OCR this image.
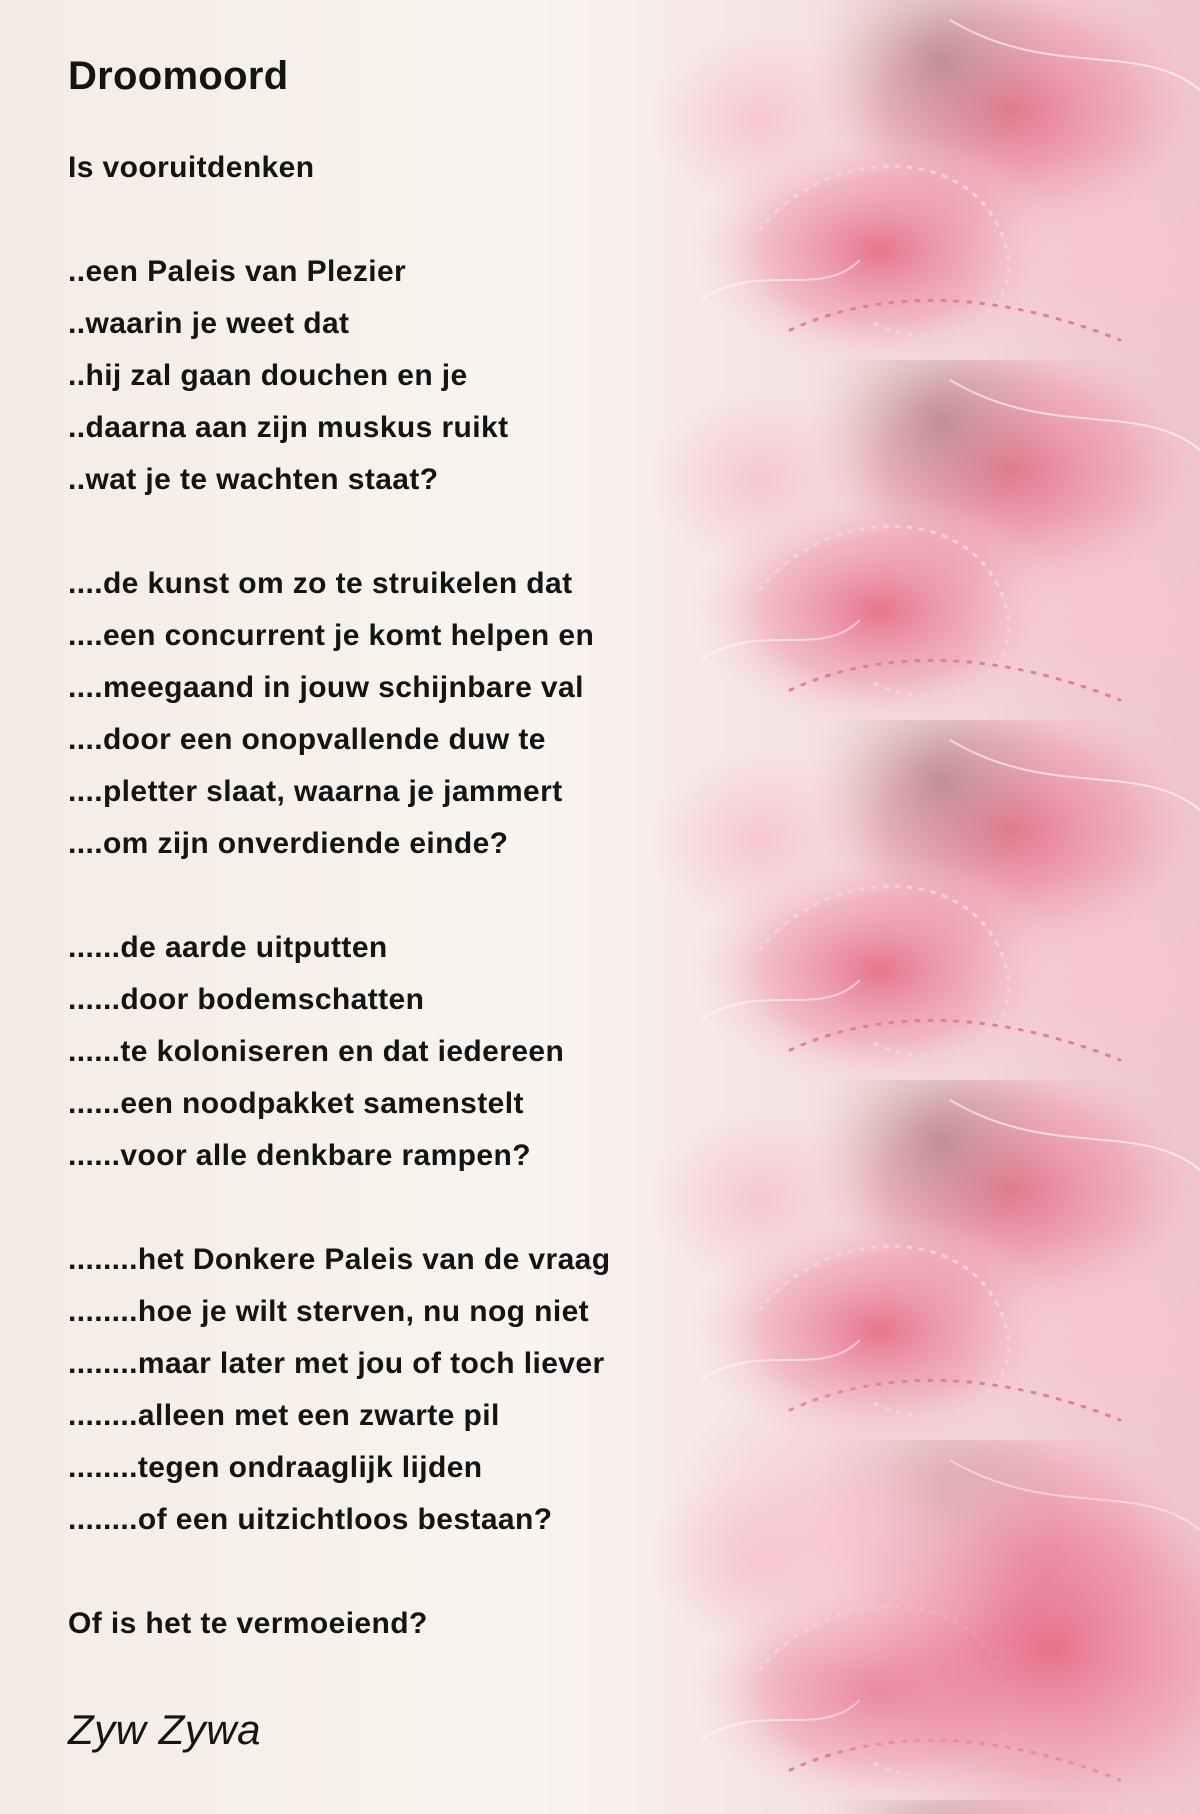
Droomoord
Is vooruitdenken
..een Paleis van Plezier
..waarin je weet dat
..hij zal gaan douchen en je
..daarna aan zijn muskus ruikt
..wat je te wachten staat?
....de kunst om zo te struikelen dat
....een concurrent je komt helpen en
....meegaand in jouw schijnbare val
....door een onopvallende duw te
....pletter slaat, waarna je jammert
....om zijn onverdiende einde?
......de aarde uitputten
......door bodemschatten
......te koloniseren en dat iedereen
......een noodpakket samenstelt
......voor alle denkbare rampen?
........het Donkere Paleis van de vraag
........hoe je wilt sterven, nu nog niet
........maar later met jou of toch liever
........alleen met een zwarte pil
........tegen ondraaglijk lijden
........of een uitzichtloos bestaan?
Of is het te vermoeiend?
Zyw Zywa
